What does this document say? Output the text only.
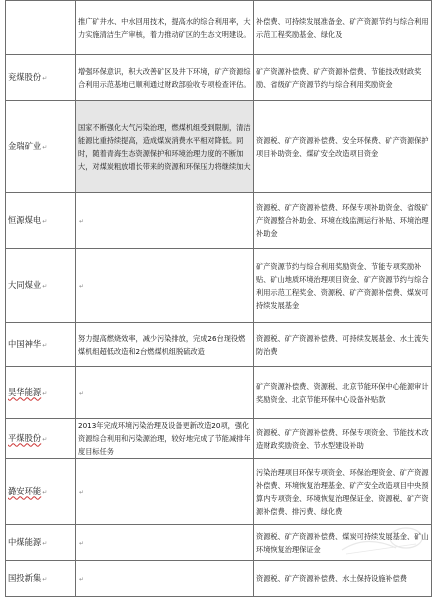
	推广矿井水、中水回用技术，提高水的综合利用率，大力实施清洁生产审核，着力推动矿区的生态文明建设。	补偿费、可持续发展准备金、矿产资源节约与综合利用示范工程奖励基金、绿化及

兖煤股份↵	增强环保意识，积大改善矿区及井下环境，矿产资源综合利用示范基地已顺利通过财政部验收专项检查评估。	矿产资源补偿费、矿产资源补偿费、节能技改财政奖励、省级矿产资源节约与综合利用奖励资金

金瑞矿业↵	国家不断强化大气污染治理，燃煤机组受到限制，清洁能源比重持续提高，造成煤炭消费水平相对降低。同时，随着青海生态资源保护和环境治理力度的不断加大，对煤炭粗放增长带来的资源和环保压力将继续加大	资源税、矿产资源补偿费、安全环保费、矿产资源保护项目补助资金、煤矿安全改造项目资金

恒源煤电↵	↵	资源税、矿产资源补偿费、环保专项补助资金、省级矿产资源整合补助金、环境在线监测运行补贴、环境治理补助金

大同煤业↵	↵	矿产资源节约与综合利用奖励资金、节能专项奖励补贴、矿山地质环境治理项目资金、矿产资源节约与综合利用示范工程奖金、资源税、矿产资源补偿费、煤炭可持续发展基金

中国神华↵	努力提高燃烧效率，减少污染排放，完成26台现役燃煤机组超低改造和2台燃煤机组脱硫改造	资源税、矿产资源补偿费、可持续发展基金、水土流失防治费

昊华能源↵	↵	矿产资源补偿费、资源税、北京节能环保中心能源审计奖励资金、北京节能环保中心设备补贴款

平煤股份↵	2013年完成环境污染治理及设备更新改造20项，强化资源综合利用和污染源治理，较好地完成了节能减排年度目标任务	资源税、矿产资源补偿费、环保专项资金、节能技术改造财政奖励资金、节水型建设补助

潞安环能↵	↵	污染治理项目环保专项资金、环保治理资金、矿产资源补偿费、环境恢复治理基金、矿产安全改造项目中央预算内专项资金、环境恢复治理保证金、资源税、矿产资源补偿费、排污费、绿化费

中煤能源↵	↵	资源税、矿产资源补偿费、煤炭可持续发展基金、矿山环境恢复治理保证金

国投新集↵	↵	资源税、矿产资源补偿费、水土保持设施补偿费
